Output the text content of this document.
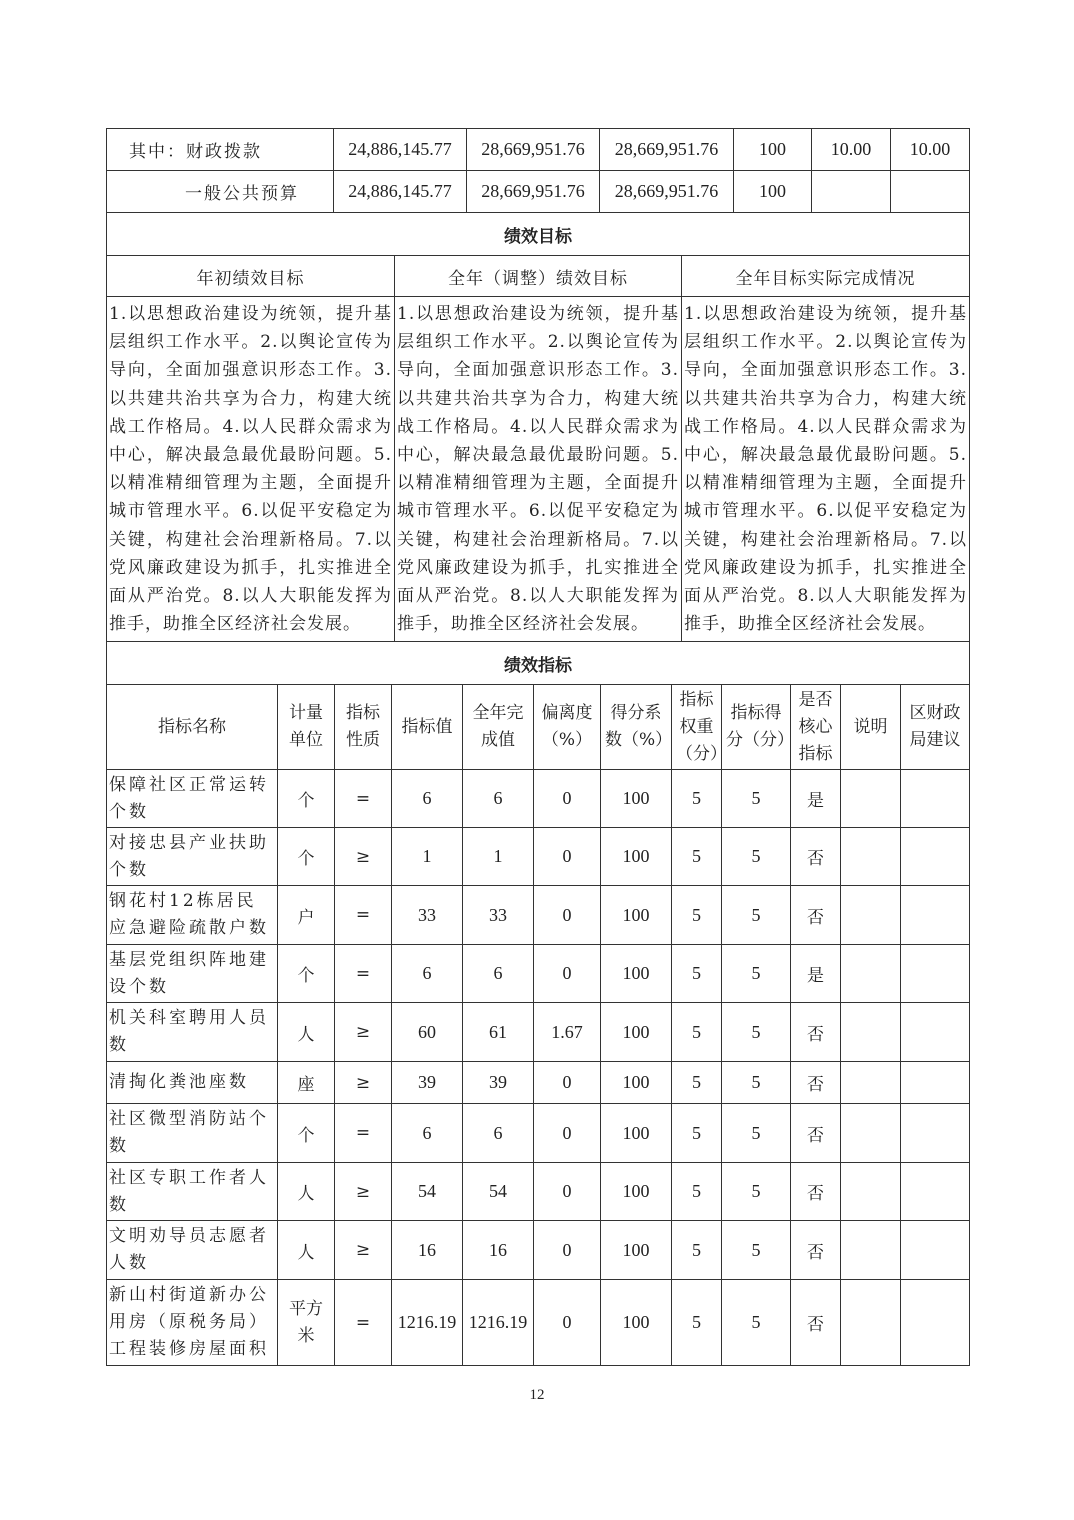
其中：财政拨款	24,886,145.77	28,669,951.76	28,669,951.76	100	10.00	10.00
一般公共预算	24,886,145.77	28,669,951.76	28,669,951.76	100		
绩效目标		
年初绩效目标	全年（调整）绩效目标	全年目标实际完成情况
1.以思想政治建设为统领，提升基层组织工作水平。2.以舆论宣传为导向，全面加强意识形态工作。3.以共建共治共享为合力，构建大统战工作格局。4.以人民群众需求为中心，解决最急最优最盼问题。5.以精准精细管理为主题，全面提升城市管理水平。6.以促平安稳定为关键，构建社会治理新格局。7.以党风廉政建设为抓手，扎实推进全面从严治党。8.以人大职能发挥为推手，助推全区经济社会发展。	1.以思想政治建设为统领，提升基层组织工作水平。2.以舆论宣传为导向，全面加强意识形态工作。3.以共建共治共享为合力，构建大统战工作格局。4.以人民群众需求为中心，解决最急最优最盼问题。5.以精准精细管理为主题，全面提升城市管理水平。6.以促平安稳定为关键，构建社会治理新格局。7.以党风廉政建设为抓手，扎实推进全面从严治党。8.以人大职能发挥为推手，助推全区经济社会发展。	1.以思想政治建设为统领，提升基层组织工作水平。2.以舆论宣传为导向，全面加强意识形态工作。3.以共建共治共享为合力，构建大统战工作格局。4.以人民群众需求为中心，解决最急最优最盼问题。5.以精准精细管理为主题，全面提升城市管理水平。6.以促平安稳定为关键，构建社会治理新格局。7.以党风廉政建设为抓手，扎实推进全面从严治党。8.以人大职能发挥为推手，助推全区经济社会发展。
绩效指标											
指标名称	计量单位	指标性质	指标值	全年完成值	偏离度（%）	得分系数（%）	指标权重（分）	指标得分（分）	是否核心指标	说明	区财政局建议
保障社区正常运转个数	个	=	6	6	0	100	5	5	是		
对接忠县产业扶助个数	个	≥	1	1	0	100	5	5	否		
钢花村12栋居民应急避险疏散户数	户	=	33	33	0	100	5	5	否		
基层党组织阵地建设个数	个	=	6	6	0	100	5	5	是		
机关科室聘用人员数	人	≥	60	61	1.67	100	5	5	否		
清掏化粪池座数	座	≥	39	39	0	100	5	5	否		
社区微型消防站个数	个	=	6	6	0	100	5	5	否		
社区专职工作者人数	人	≥	54	54	0	100	5	5	否		
文明劝导员志愿者人数	人	≥	16	16	0	100	5	5	否		
新山村街道新办公用房（原税务局）工程装修房屋面积	平方米	=	1216.19	1216.19	0	100	5	5	否		
12
